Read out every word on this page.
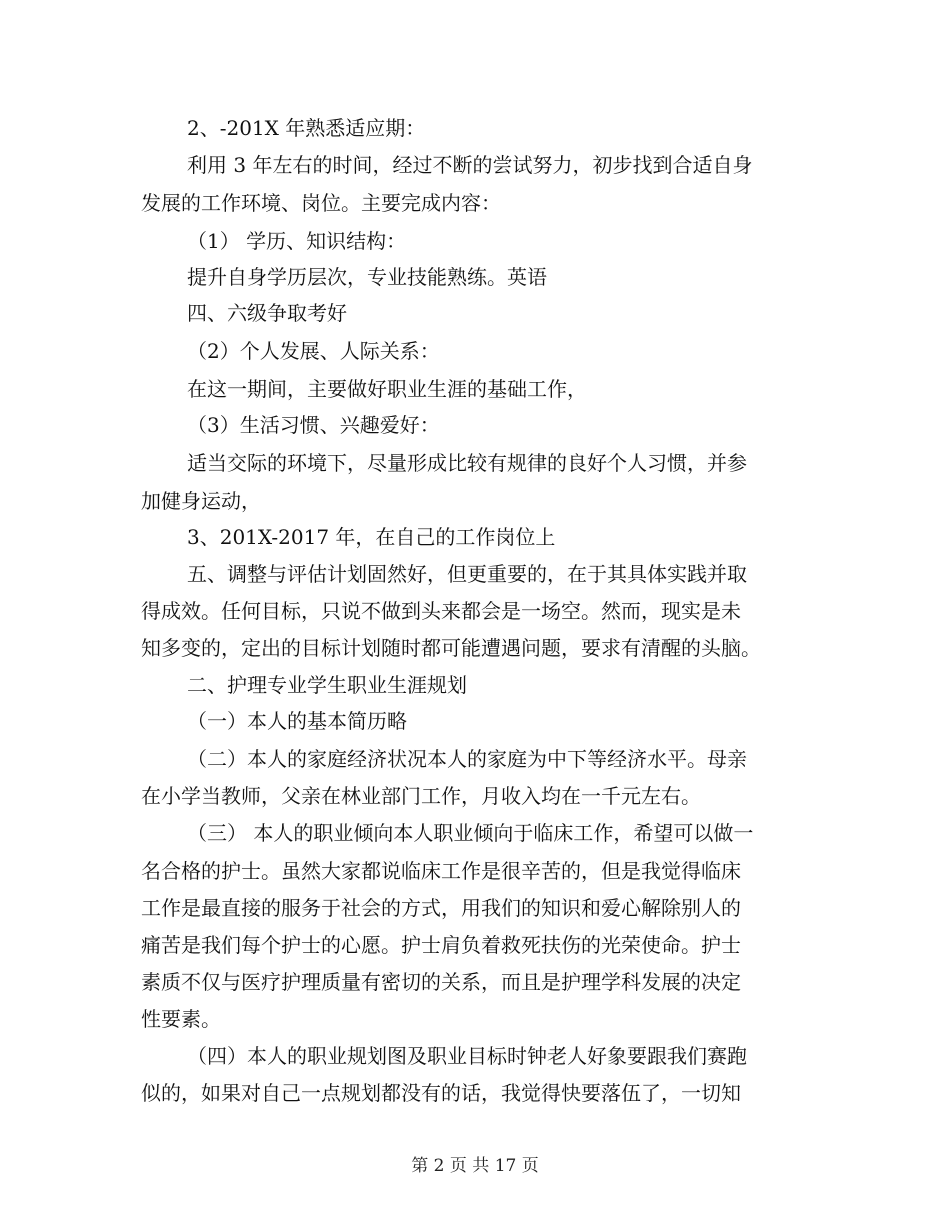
2、-201X 年熟悉适应期：
利用 3 年左右的时间，经过不断的尝试努力，初步找到合适自身
发展的工作环境、岗位。主要完成内容：
（1） 学历、知识结构：
提升自身学历层次，专业技能熟练。英语
四、六级争取考好
（2）个人发展、人际关系：
在这一期间，主要做好职业生涯的基础工作，
（3）生活习惯、兴趣爱好：
适当交际的环境下，尽量形成比较有规律的良好个人习惯，并参
加健身运动，
3、201X-2017 年，在自己的工作岗位上
五、调整与评估计划固然好，但更重要的，在于其具体实践并取
得成效。任何目标，只说不做到头来都会是一场空。然而，现实是未
知多变的，定出的目标计划随时都可能遭遇问题，要求有清醒的头脑。
二、护理专业学生职业生涯规划
（一）本人的基本简历略
（二）本人的家庭经济状况本人的家庭为中下等经济水平。母亲
在小学当教师，父亲在林业部门工作，月收入均在一千元左右。
（三） 本人的职业倾向本人职业倾向于临床工作，希望可以做一
名合格的护士。虽然大家都说临床工作是很辛苦的，但是我觉得临床
工作是最直接的服务于社会的方式，用我们的知识和爱心解除别人的
痛苦是我们每个护士的心愿。护士肩负着救死扶伤的光荣使命。护士
素质不仅与医疗护理质量有密切的关系，而且是护理学科发展的决定
性要素。
（四）本人的职业规划图及职业目标时钟老人好象要跟我们赛跑
似的，如果对自己一点规划都没有的话，我觉得快要落伍了，一切知
第 2 页 共 17 页
